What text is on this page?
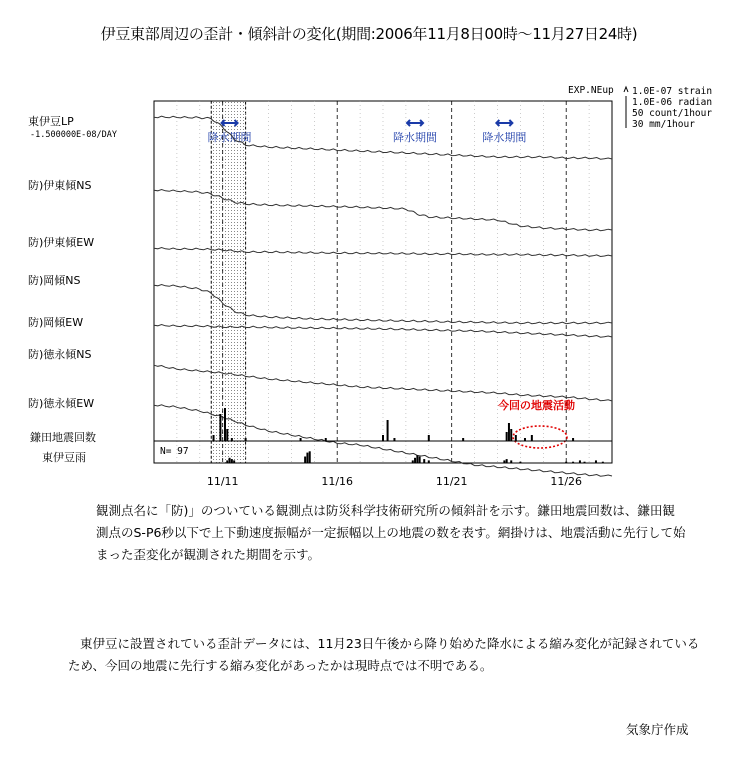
伊豆東部周辺の歪計・傾斜計の変化(期間:2006年11月8日00時〜11月27日24時)
降水期間	降水期間	降水期間
東伊豆LP
-1.500000E-08/DAY
防)伊東傾NS
防)伊東傾EW
防)岡傾NS
防)岡傾EW
防)徳永傾NS
防)徳永傾EW
鎌田地震回数
東伊豆雨
11/11	11/16	11/21	11/26
EXP.NEup 1.0E-07 strain
1.0E-06 radian
50 count/1hour
30 mm/1hour
今回の地震活動
N= 97
観測点名に「防)」のついている観測点は防災科学技術研究所の傾斜計を示す。鎌田地震回数は、鎌田観測点のS-P6秒以下で上下動速度振幅が一定振幅以上の地震の数を表す。網掛けは、地震活動に先行して始まった歪変化が観測された期間を示す。
東伊豆に設置されている歪計データには、11月23日午後から降り始めた降水による縮み変化が記録されているため、今回の地震に先行する縮み変化があったかは現時点では不明である。
気象庁作成
